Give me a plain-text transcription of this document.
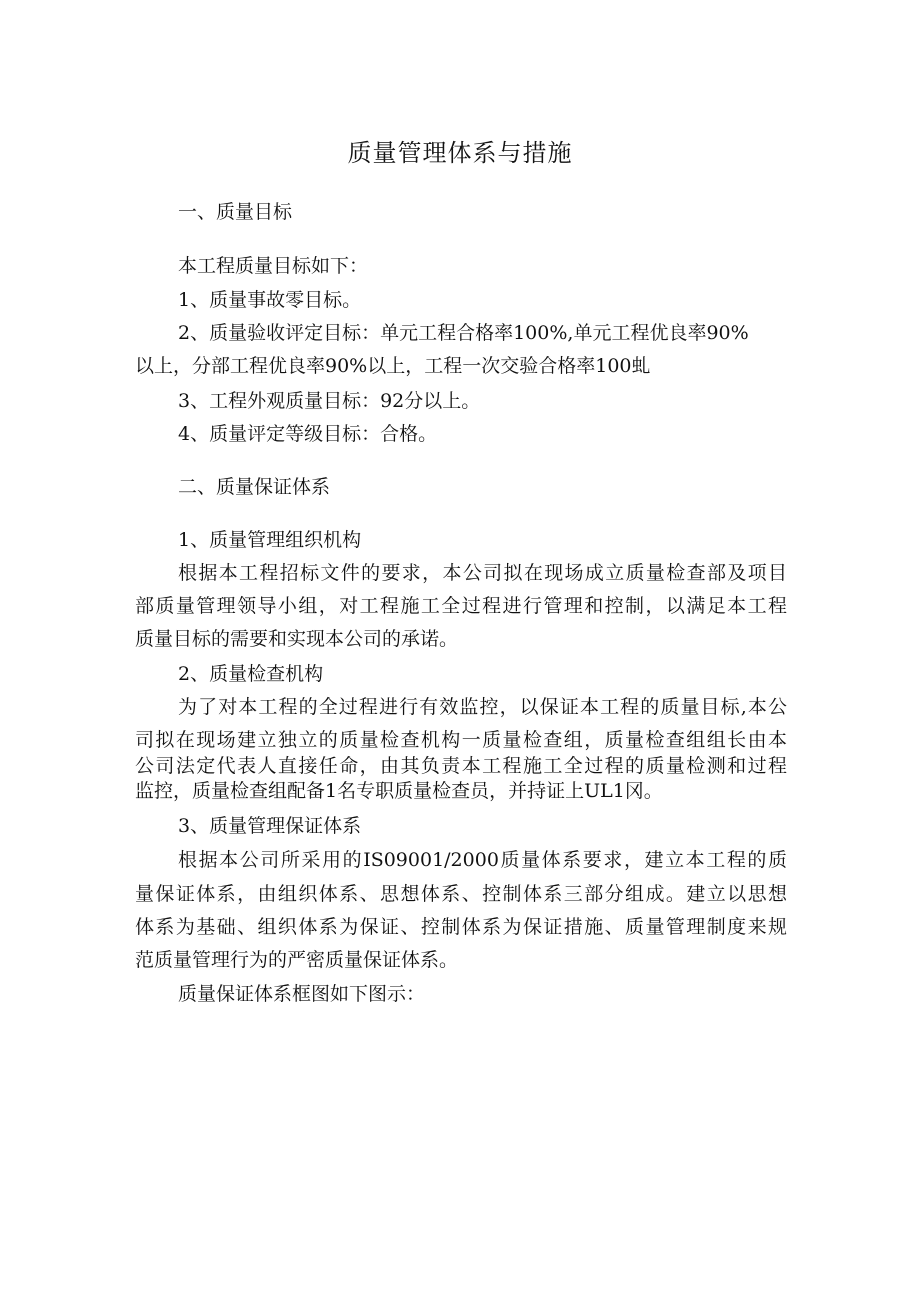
质量管理体系与措施
一、质量目标
本工程质量目标如下：
1、质量事故零目标。
2、质量验收评定目标：单元工程合格率100%,单元工程优良率90%
以上，分部工程优良率90%以上，工程一次交验合格率100虬
3、工程外观质量目标：92分以上。
4、质量评定等级目标：合格。
二、质量保证体系
1、质量管理组织机构
根据本工程招标文件的要求，本公司拟在现场成立质量检查部及项目
部质量管理领导小组，对工程施工全过程进行管理和控制，以满足本工程
质量目标的需要和实现本公司的承诺。
2、质量检查机构
为了对本工程的全过程进行有效监控，以保证本工程的质量目标,本公
司拟在现场建立独立的质量检查机构一质量检查组，质量检查组组长由本
公司法定代表人直接任命，由其负责本工程施工全过程的质量检测和过程
监控，质量检查组配备1名专职质量检查员，并持证上UL1冈。
3、质量管理保证体系
根据本公司所采用的IS09001/2000质量体系要求，建立本工程的质
量保证体系，由组织体系、思想体系、控制体系三部分组成。建立以思想
体系为基础、组织体系为保证、控制体系为保证措施、质量管理制度来规
范质量管理行为的严密质量保证体系。
质量保证体系框图如下图示：
